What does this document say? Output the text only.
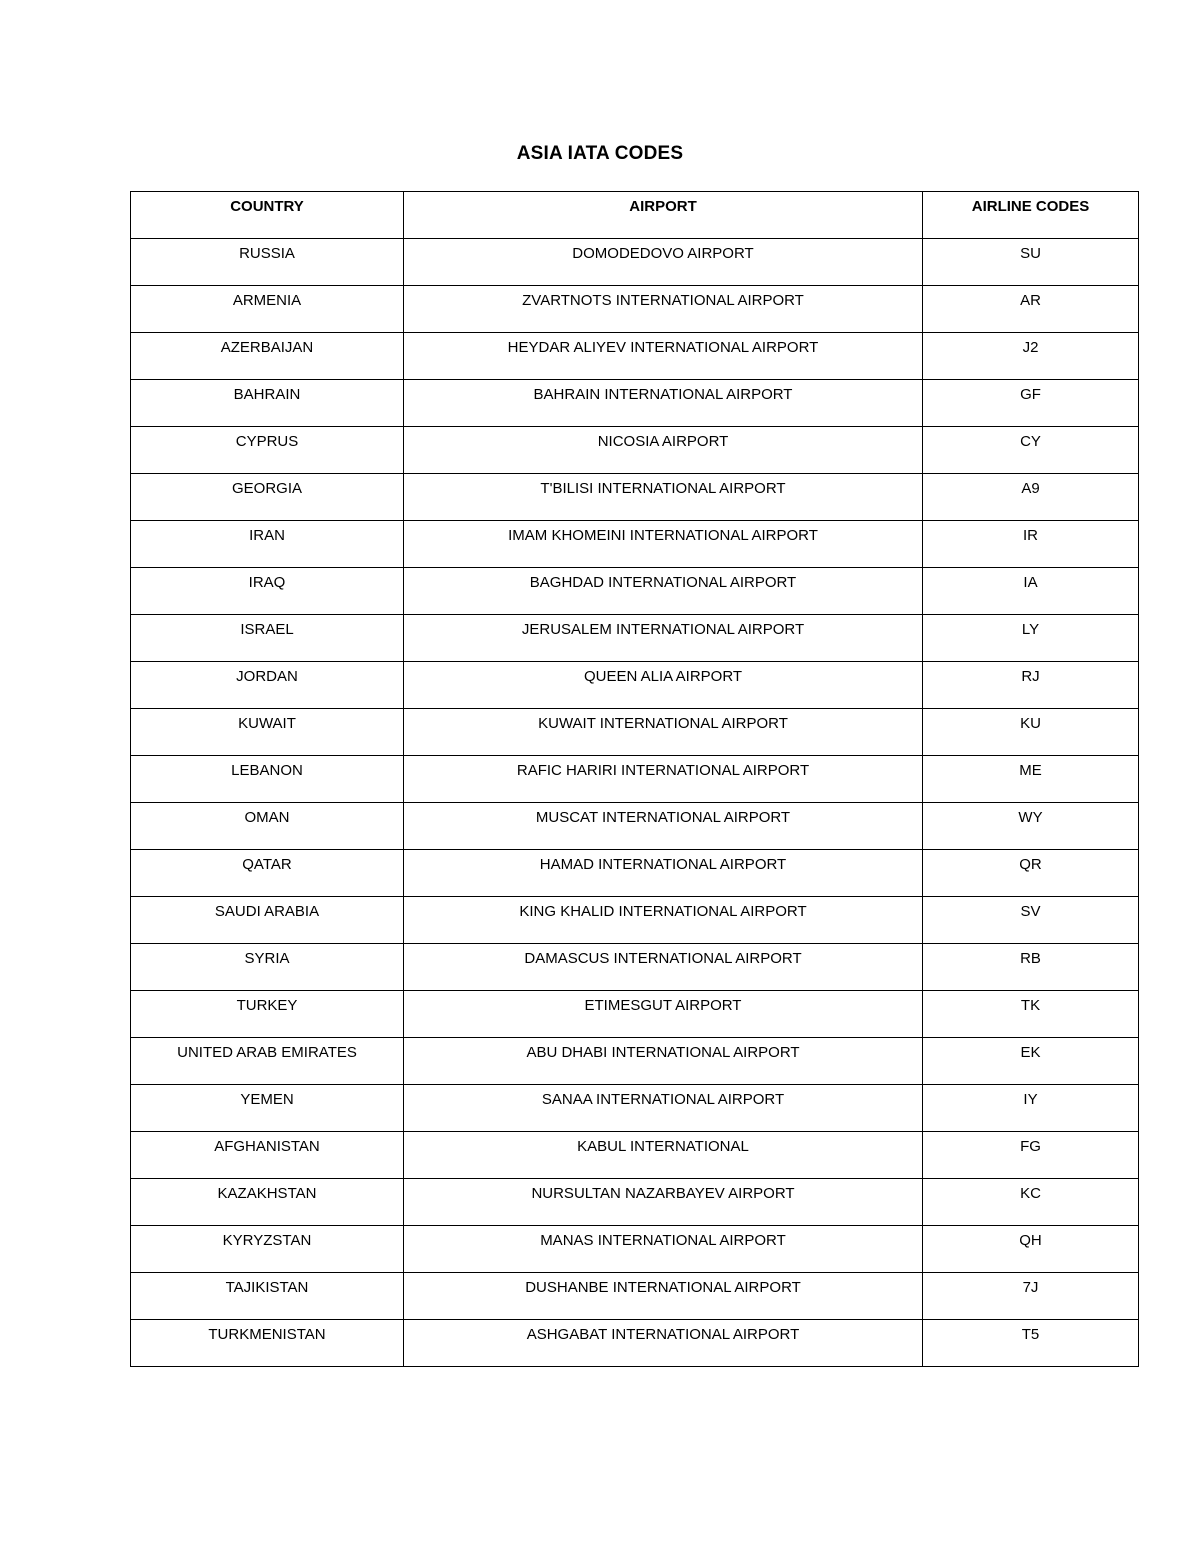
ASIA IATA CODES
COUNTRY	AIRPORT	AIRLINE CODES

RUSSIA	DOMODEDOVO AIRPORT	SU

ARMENIA	ZVARTNOTS INTERNATIONAL AIRPORT	AR

AZERBAIJAN	HEYDAR ALIYEV INTERNATIONAL AIRPORT	J2

BAHRAIN	BAHRAIN INTERNATIONAL AIRPORT	GF

CYPRUS	NICOSIA AIRPORT	CY

GEORGIA	T'BILISI INTERNATIONAL AIRPORT	A9

IRAN	IMAM KHOMEINI INTERNATIONAL AIRPORT	IR

IRAQ	BAGHDAD INTERNATIONAL AIRPORT	IA

ISRAEL	JERUSALEM INTERNATIONAL AIRPORT	LY

JORDAN	QUEEN ALIA AIRPORT	RJ

KUWAIT	KUWAIT INTERNATIONAL AIRPORT	KU

LEBANON	RAFIC HARIRI INTERNATIONAL AIRPORT	ME

OMAN	MUSCAT INTERNATIONAL AIRPORT	WY

QATAR	HAMAD INTERNATIONAL AIRPORT	QR

SAUDI ARABIA	KING KHALID INTERNATIONAL AIRPORT	SV

SYRIA	DAMASCUS INTERNATIONAL AIRPORT	RB

TURKEY	ETIMESGUT AIRPORT	TK

UNITED ARAB EMIRATES	ABU DHABI INTERNATIONAL AIRPORT	EK

YEMEN	SANAA INTERNATIONAL AIRPORT	IY

AFGHANISTAN	KABUL INTERNATIONAL	FG

KAZAKHSTAN	NURSULTAN NAZARBAYEV AIRPORT	KC

KYRYZSTAN	MANAS INTERNATIONAL AIRPORT	QH

TAJIKISTAN	DUSHANBE INTERNATIONAL AIRPORT	7J

TURKMENISTAN	ASHGABAT INTERNATIONAL AIRPORT	T5
